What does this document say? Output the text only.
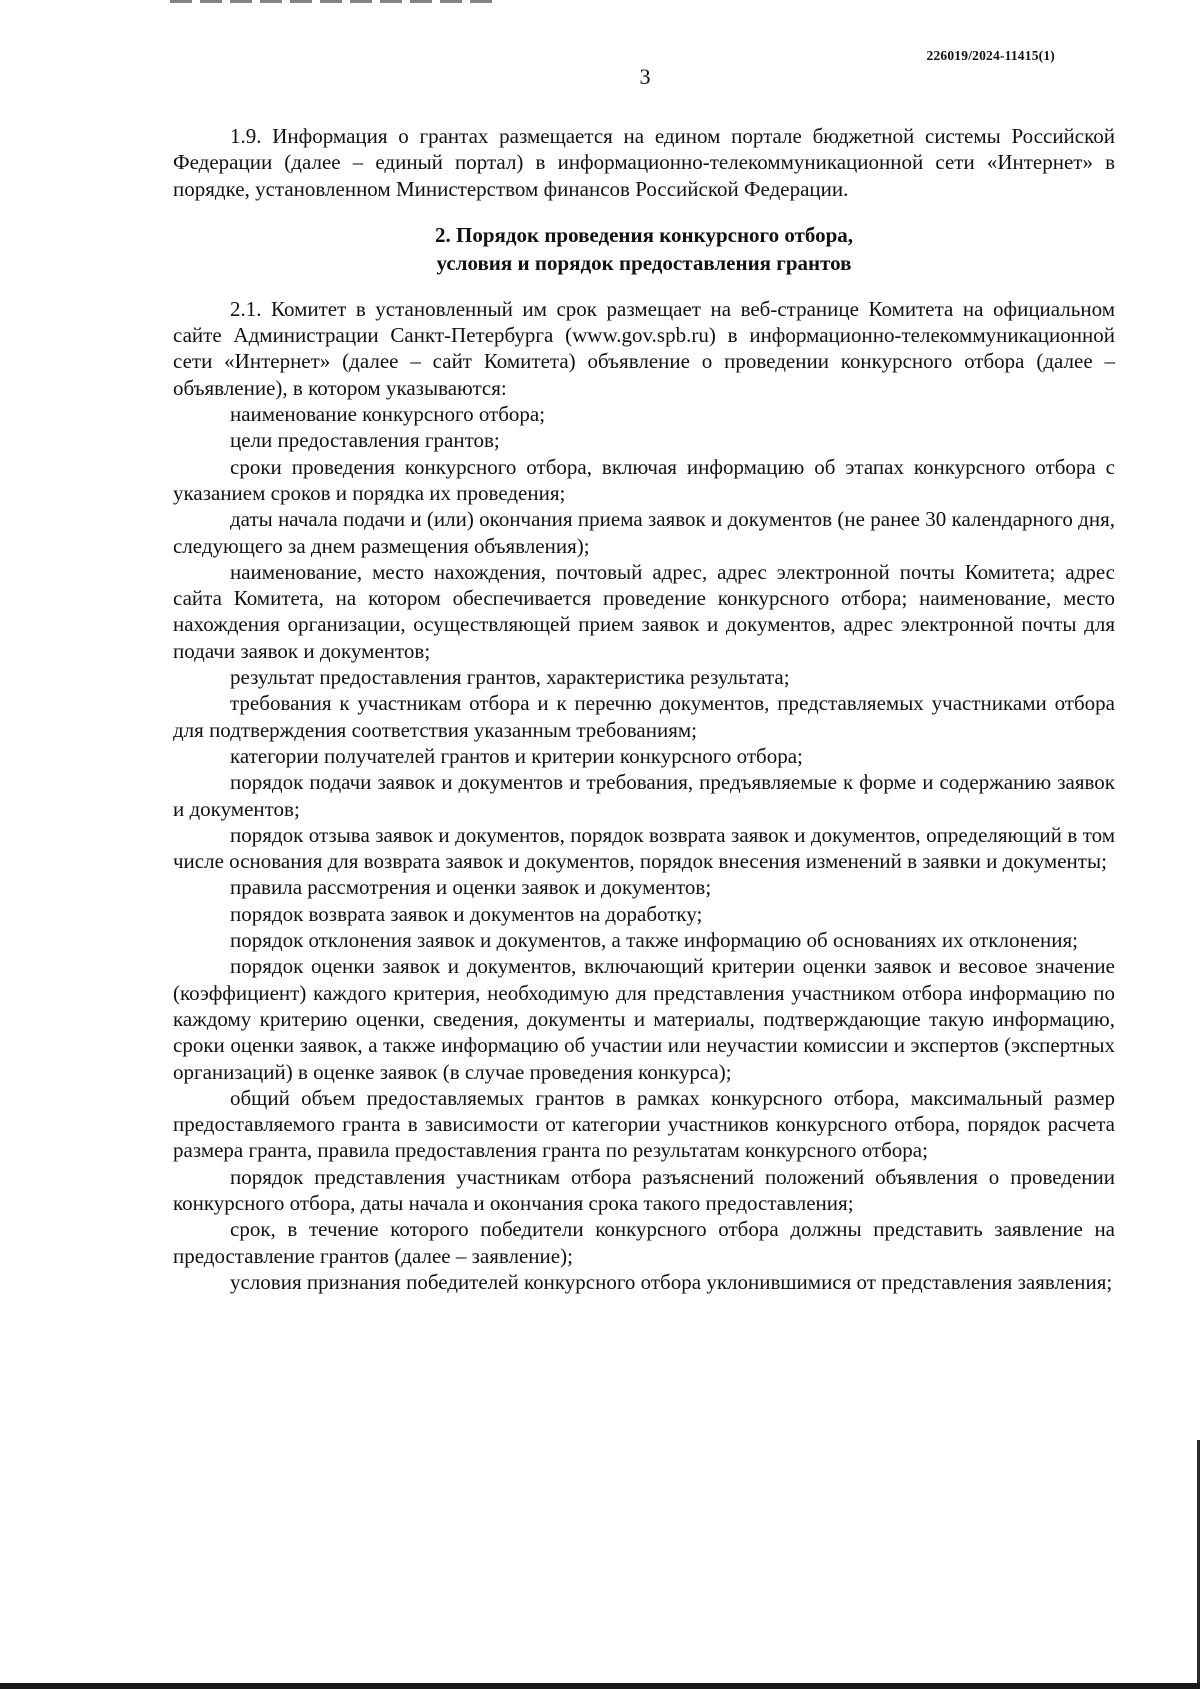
226019/2024-11415(1)
3

1.9. Информация о грантах размещается на едином портале бюджетной системы Российской Федерации (далее – единый портал) в информационно-телекоммуникационной сети «Интернет» в порядке, установленном Министерством финансов Российской Федерации.

2. Порядок проведения конкурсного отбора,
условия и порядок предоставления грантов

2.1. Комитет в установленный им срок размещает на веб-странице Комитета на официальном сайте Администрации Санкт-Петербурга (www.gov.spb.ru) в информационно-телекоммуникационной сети «Интернет» (далее – сайт Комитета) объявление о проведении конкурсного отбора (далее – объявление), в котором указываются:

наименование конкурсного отбора;

цели предоставления грантов;

сроки проведения конкурсного отбора, включая информацию об этапах конкурсного отбора с указанием сроков и порядка их проведения;

даты начала подачи и (или) окончания приема заявок и документов (не ранее 30 календарного дня, следующего за днем размещения объявления);

наименование, место нахождения, почтовый адрес, адрес электронной почты Комитета; адрес сайта Комитета, на котором обеспечивается проведение конкурсного отбора; наименование, место нахождения организации, осуществляющей прием заявок и документов, адрес электронной почты для подачи заявок и документов;

результат предоставления грантов, характеристика результата;

требования к участникам отбора и к перечню документов, представляемых участниками отбора для подтверждения соответствия указанным требованиям;

категории получателей грантов и критерии конкурсного отбора;

порядок подачи заявок и документов и требования, предъявляемые к форме и содержанию заявок и документов;

порядок отзыва заявок и документов, порядок возврата заявок и документов, определяющий в том числе основания для возврата заявок и документов, порядок внесения изменений в заявки и документы;

правила рассмотрения и оценки заявок и документов;

порядок возврата заявок и документов на доработку;

порядок отклонения заявок и документов, а также информацию об основаниях их отклонения;

порядок оценки заявок и документов, включающий критерии оценки заявок и весовое значение (коэффициент) каждого критерия, необходимую для представления участником отбора информацию по каждому критерию оценки, сведения, документы и материалы, подтверждающие такую информацию, сроки оценки заявок, а также информацию об участии или неучастии комиссии и экспертов (экспертных организаций) в оценке заявок (в случае проведения конкурса);

общий объем предоставляемых грантов в рамках конкурсного отбора, максимальный размер предоставляемого гранта в зависимости от категории участников конкурсного отбора, порядок расчета размера гранта, правила предоставления гранта по результатам конкурсного отбора;

порядок представления участникам отбора разъяснений положений объявления о проведении конкурсного отбора, даты начала и окончания срока такого предоставления;

срок, в течение которого победители конкурсного отбора должны представить заявление на предоставление грантов (далее – заявление);

условия признания победителей конкурсного отбора уклонившимися от представления заявления;
